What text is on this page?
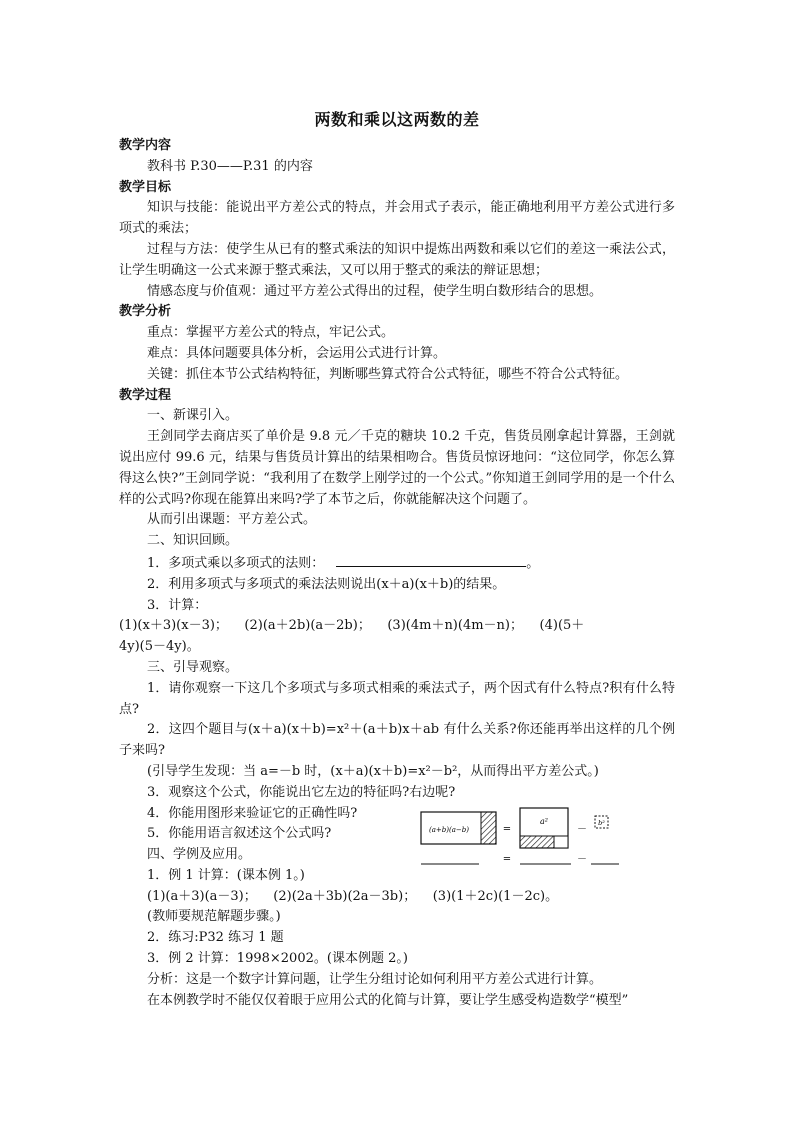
两数和乘以这两数的差

教学内容

教科书 P.30——P.31 的内容

教学目标

知识与技能：能说出平方差公式的特点，并会用式子表示，能正确地利用平方差公式进行多项式的乘法；

过程与方法：使学生从已有的整式乘法的知识中提炼出两数和乘以它们的差这一乘法公式，让学生明确这一公式来源于整式乘法，又可以用于整式的乘法的辩证思想；

情感态度与价值观：通过平方差公式得出的过程，使学生明白数形结合的思想。

教学分析

重点：掌握平方差公式的特点，牢记公式。

难点：具体问题要具体分析，会运用公式进行计算。

关键：抓住本节公式结构特征，判断哪些算式符合公式特征，哪些不符合公式特征。

教学过程

一、新课引入。

王剑同学去商店买了单价是 9.8 元／千克的糖块 10.2 千克，售货员刚拿起计算器，王剑就说出应付 99.6 元，结果与售货员计算出的结果相吻合。售货员惊讶地问：“这位同学，你怎么算得这么快?”王剑同学说：“我利用了在数学上刚学过的一个公式。”你知道王剑同学用的是一个什么样的公式吗?你现在能算出来吗?学了本节之后，你就能解决这个问题了。

从而引出课题：平方差公式。

二、知识回顾。

1．多项式乘以多项式的法则：	。

2．利用多项式与多项式的乘法法则说出(x＋a)(x＋b)的结果。

3．计算：

(1)(x＋3)(x－3)；    (2)(a＋2b)(a－2b)；    (3)(4m＋n)(4m－n)；    (4)(5＋

4y)(5－4y)。

三、引导观察。

1．请你观察一下这几个多项式与多项式相乘的乘法式子，两个因式有什么特点?积有什么特点?

2．这四个题目与(x＋a)(x＋b)=x²＋(a＋b)x＋ab 有什么关系?你还能再举出这样的几个例子来吗?

(引导学生发现：当 a=－b 时，(x＋a)(x＋b)=x²－b²，从而得出平方差公式。)

3．观察这个公式，你能说出它左边的特征吗?右边呢?

4．你能用图形来验证它的正确性吗?

5．你能用语言叙述这个公式吗?

四、学例及应用。

(a+b)(a−b)	=
a²
－
b²
=	－

1．例 1 计算：(课本例 1。)

(1)(a＋3)(a－3)；    (2)(2a＋3b)(2a－3b)；    (3)(1＋2c)(1－2c)。

(教师要规范解题步骤。)

2．练习:P32 练习 1 题

3．例 2 计算：1998×2002。(课本例题 2。)

分析：这是一个数字计算问题，让学生分组讨论如何利用平方差公式进行计算。

在本例教学时不能仅仅着眼于应用公式的化简与计算，要让学生感受构造数学“模型”
